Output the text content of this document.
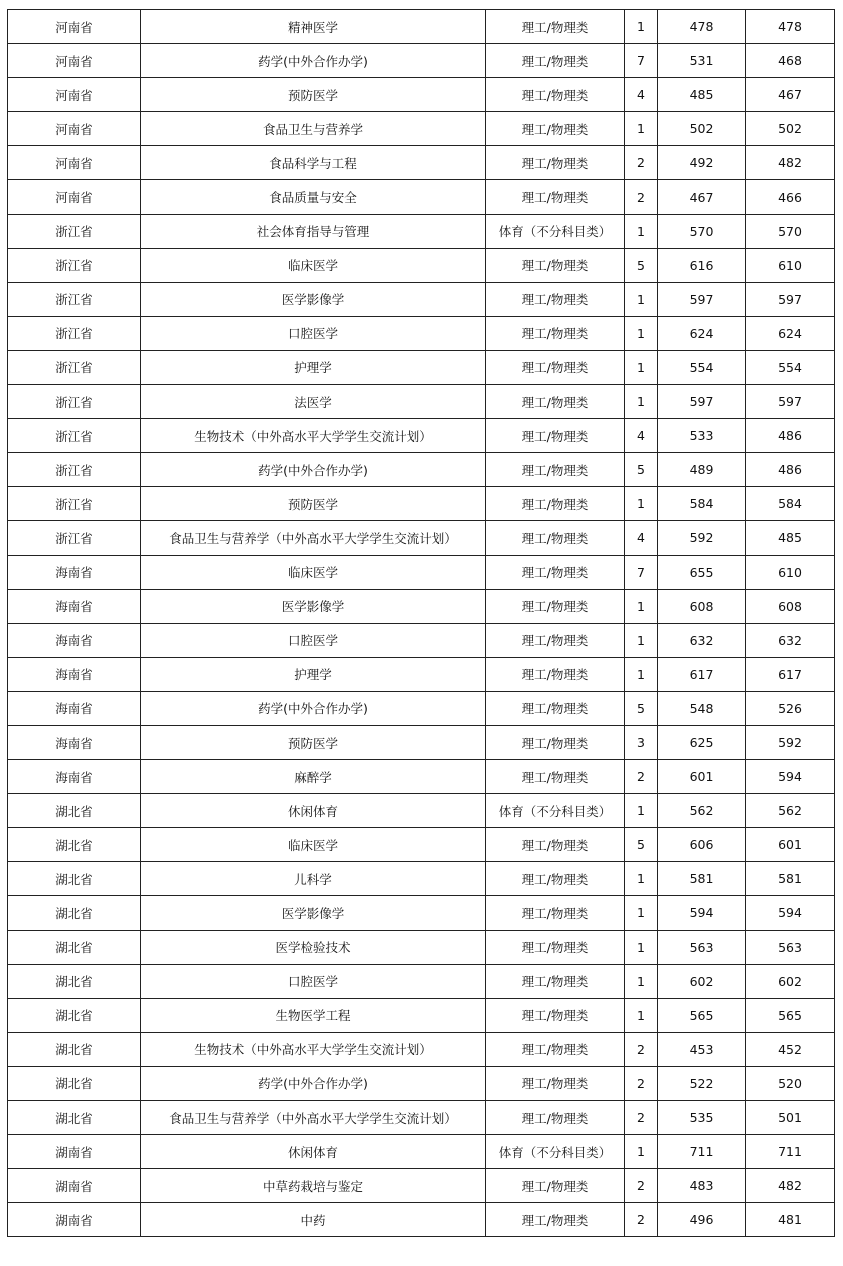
河南省	精神医学	理工/物理类	1	478	478
河南省	药学(中外合作办学)	理工/物理类	7	531	468
河南省	预防医学	理工/物理类	4	485	467
河南省	食品卫生与营养学	理工/物理类	1	502	502
河南省	食品科学与工程	理工/物理类	2	492	482
河南省	食品质量与安全	理工/物理类	2	467	466
浙江省	社会体育指导与管理	体育（不分科目类）	1	570	570
浙江省	临床医学	理工/物理类	5	616	610
浙江省	医学影像学	理工/物理类	1	597	597
浙江省	口腔医学	理工/物理类	1	624	624
浙江省	护理学	理工/物理类	1	554	554
浙江省	法医学	理工/物理类	1	597	597
浙江省	生物技术（中外高水平大学学生交流计划）	理工/物理类	4	533	486
浙江省	药学(中外合作办学)	理工/物理类	5	489	486
浙江省	预防医学	理工/物理类	1	584	584
浙江省	食品卫生与营养学（中外高水平大学学生交流计划）	理工/物理类	4	592	485
海南省	临床医学	理工/物理类	7	655	610
海南省	医学影像学	理工/物理类	1	608	608
海南省	口腔医学	理工/物理类	1	632	632
海南省	护理学	理工/物理类	1	617	617
海南省	药学(中外合作办学)	理工/物理类	5	548	526
海南省	预防医学	理工/物理类	3	625	592
海南省	麻醉学	理工/物理类	2	601	594
湖北省	休闲体育	体育（不分科目类）	1	562	562
湖北省	临床医学	理工/物理类	5	606	601
湖北省	儿科学	理工/物理类	1	581	581
湖北省	医学影像学	理工/物理类	1	594	594
湖北省	医学检验技术	理工/物理类	1	563	563
湖北省	口腔医学	理工/物理类	1	602	602
湖北省	生物医学工程	理工/物理类	1	565	565
湖北省	生物技术（中外高水平大学学生交流计划）	理工/物理类	2	453	452
湖北省	药学(中外合作办学)	理工/物理类	2	522	520
湖北省	食品卫生与营养学（中外高水平大学学生交流计划）	理工/物理类	2	535	501
湖南省	休闲体育	体育（不分科目类）	1	711	711
湖南省	中草药栽培与鉴定	理工/物理类	2	483	482
湖南省	中药	理工/物理类	2	496	481
